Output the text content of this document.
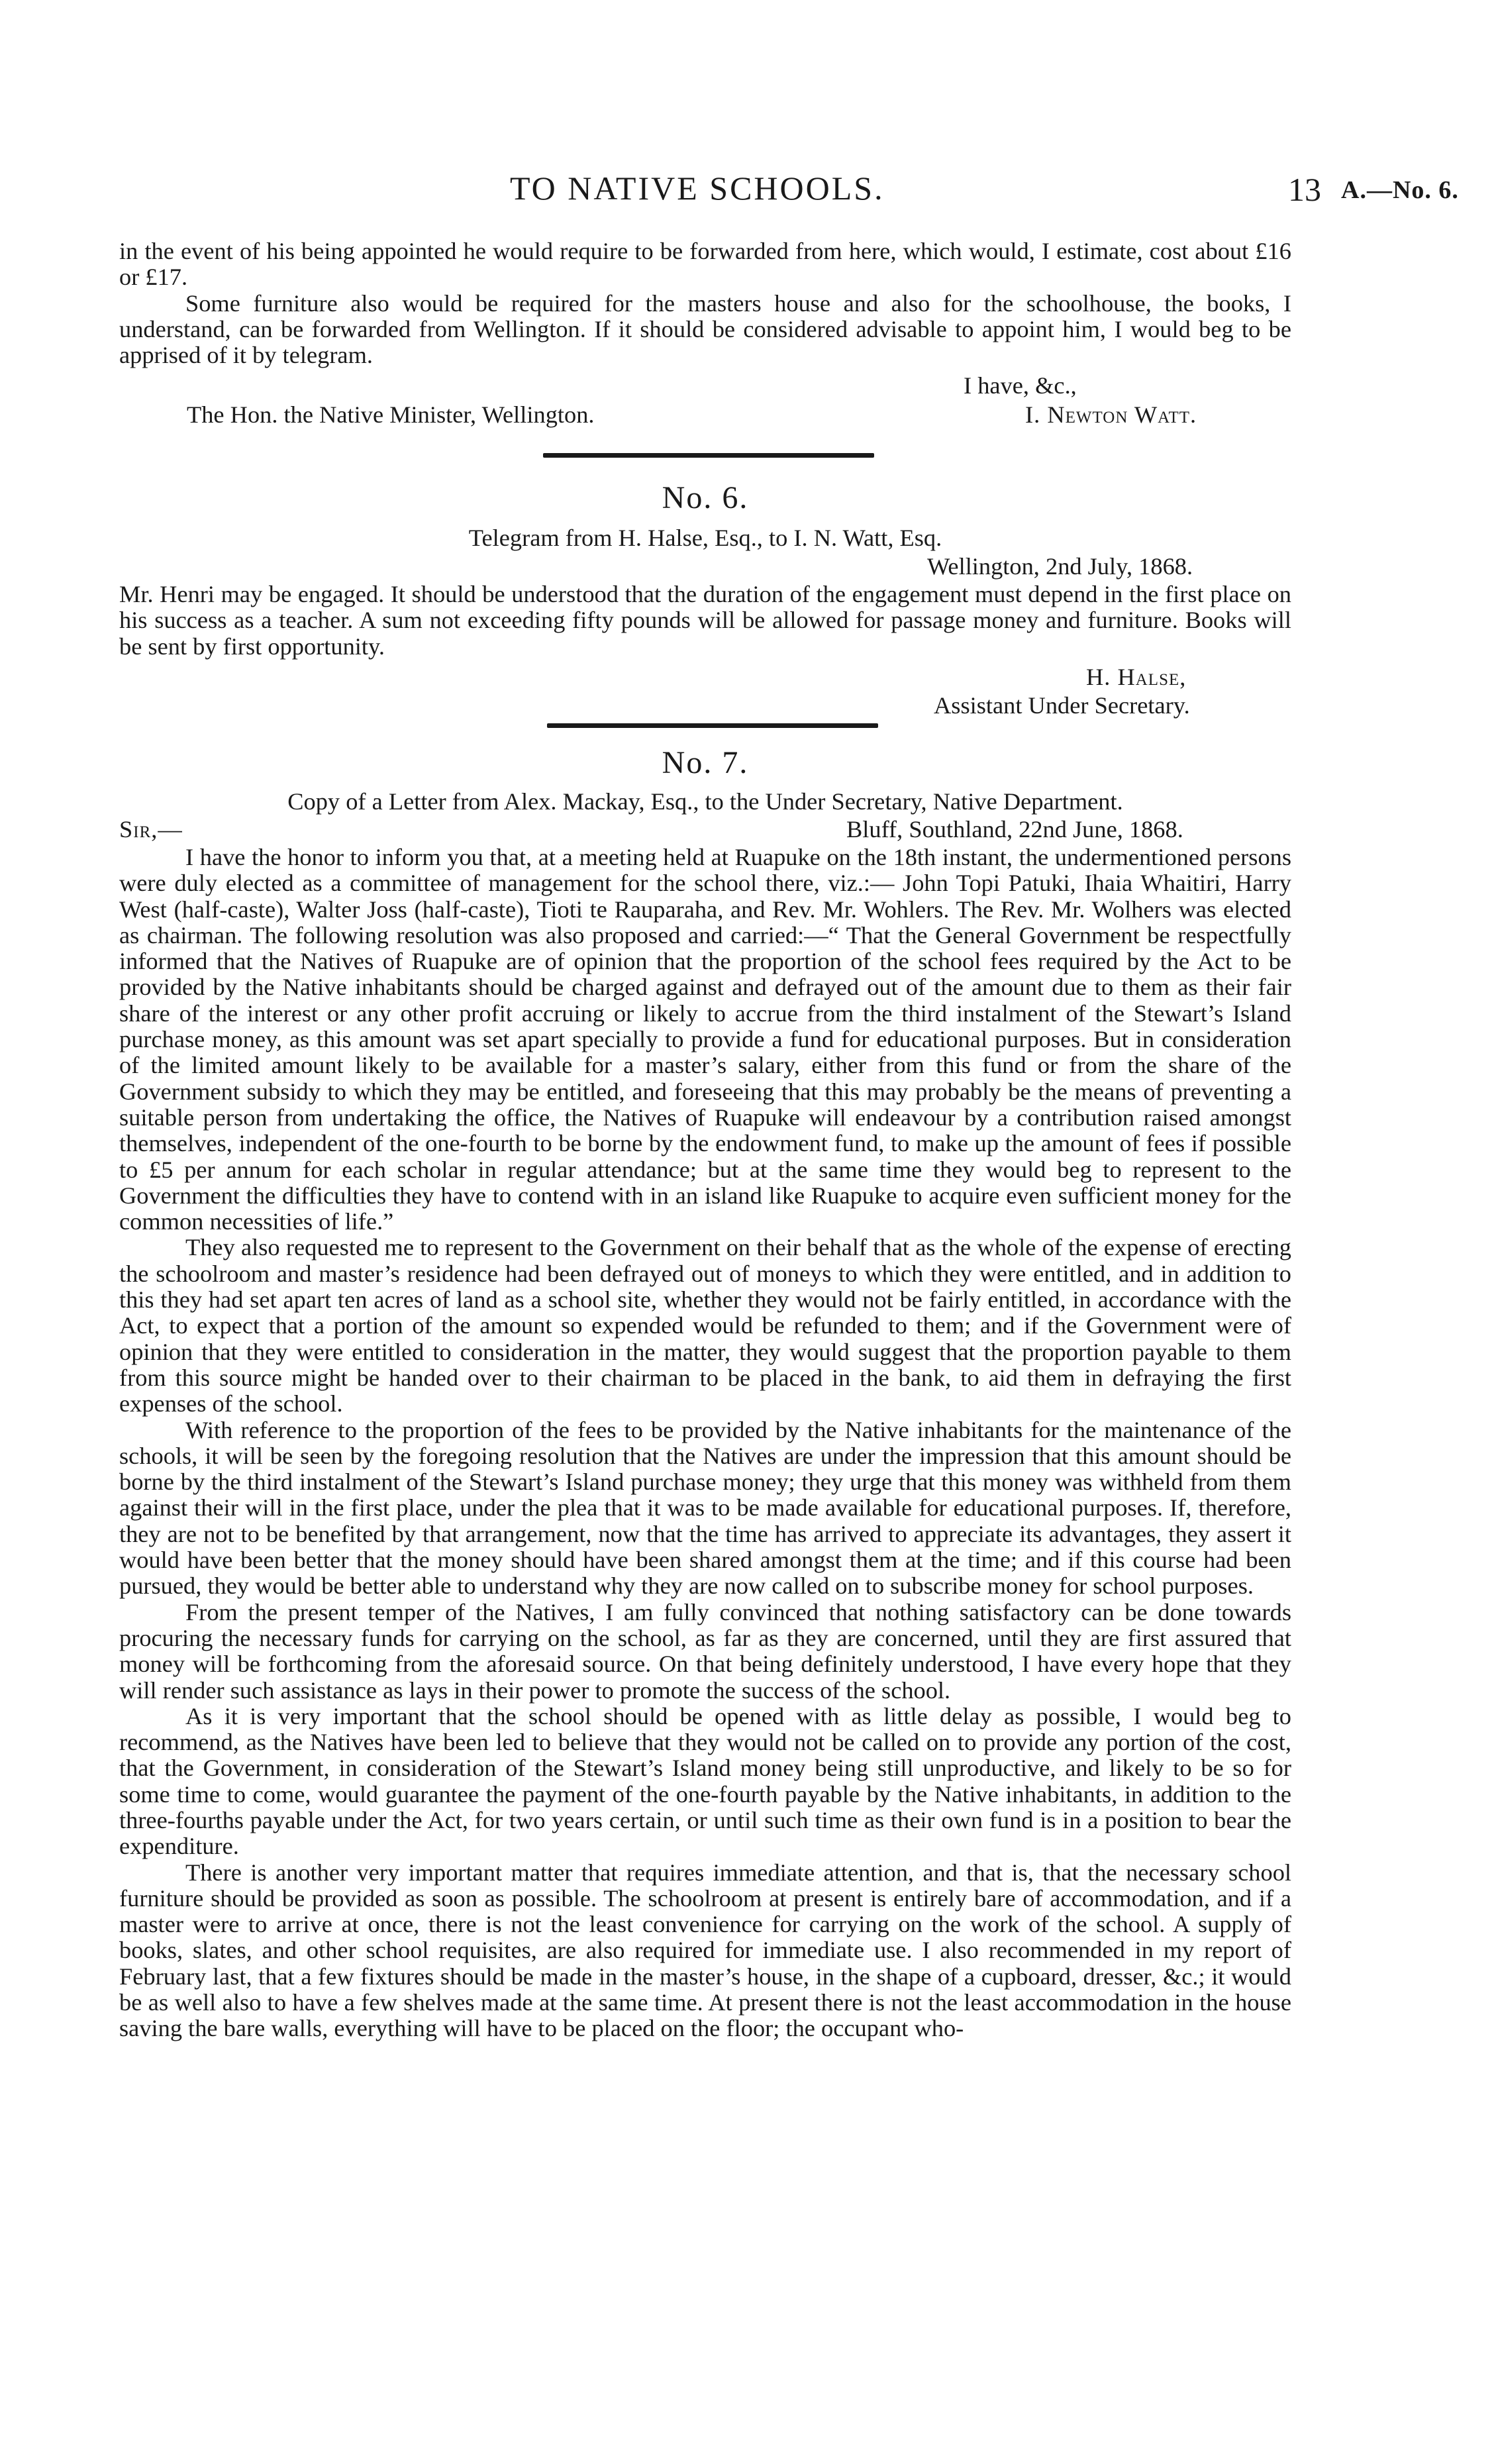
TO NATIVE SCHOOLS.	13 A.—No. 6.

in the event of his being appointed he would require to be forwarded from here, which would, I estimate, cost about £16 or £17.

Some furniture also would be required for the masters house and also for the schoolhouse, the books, I understand, can be forwarded from Wellington. If it should be considered advisable to appoint him, I would beg to be apprised of it by telegram.

I have, &c.,
The Hon. the Native Minister, Wellington.	I. Newton Watt.
No. 6.
Telegram from H. Halse, Esq., to I. N. Watt, Esq.
Wellington, 2nd July, 1868.

Mr. Henri may be engaged. It should be understood that the duration of the engagement must depend in the first place on his success as a teacher. A sum not exceeding fifty pounds will be allowed for passage money and furniture. Books will be sent by first opportunity.

H. Halse,
Assistant Under Secretary.
No. 7.
Copy of a Letter from Alex. Mackay, Esq., to the Under Secretary, Native Department.
Sir,—	Bluff, Southland, 22nd June, 1868.

I have the honor to inform you that, at a meeting held at Ruapuke on the 18th instant, the undermentioned persons were duly elected as a committee of management for the school there, viz.:— John Topi Patuki, Ihaia Whaitiri, Harry West (half-caste), Walter Joss (half-caste), Tioti te Rauparaha, and Rev. Mr. Wohlers. The Rev. Mr. Wolhers was elected as chairman. The following resolution was also proposed and carried:—“ That the General Government be respectfully informed that the Natives of Ruapuke are of opinion that the proportion of the school fees required by the Act to be provided by the Native inhabitants should be charged against and defrayed out of the amount due to them as their fair share of the interest or any other profit accruing or likely to accrue from the third instalment of the Stewart’s Island purchase money, as this amount was set apart specially to provide a fund for educational purposes. But in consideration of the limited amount likely to be available for a master’s salary, either from this fund or from the share of the Government subsidy to which they may be entitled, and foreseeing that this may probably be the means of preventing a suitable person from undertaking the office, the Natives of Ruapuke will endeavour by a contribution raised amongst themselves, independent of the one-fourth to be borne by the endowment fund, to make up the amount of fees if possible to £5 per annum for each scholar in regular attendance; but at the same time they would beg to represent to the Government the difficulties they have to contend with in an island like Ruapuke to acquire even sufficient money for the common necessities of life.”

They also requested me to represent to the Government on their behalf that as the whole of the expense of erecting the schoolroom and master’s residence had been defrayed out of moneys to which they were entitled, and in addition to this they had set apart ten acres of land as a school site, whether they would not be fairly entitled, in accordance with the Act, to expect that a portion of the amount so expended would be refunded to them; and if the Government were of opinion that they were entitled to consideration in the matter, they would suggest that the proportion payable to them from this source might be handed over to their chairman to be placed in the bank, to aid them in defraying the first expenses of the school.

With reference to the proportion of the fees to be provided by the Native inhabitants for the maintenance of the schools, it will be seen by the foregoing resolution that the Natives are under the impression that this amount should be borne by the third instalment of the Stewart’s Island purchase money; they urge that this money was withheld from them against their will in the first place, under the plea that it was to be made available for educational purposes. If, therefore, they are not to be benefited by that arrangement, now that the time has arrived to appreciate its advantages, they assert it would have been better that the money should have been shared amongst them at the time; and if this course had been pursued, they would be better able to understand why they are now called on to subscribe money for school purposes.

From the present temper of the Natives, I am fully convinced that nothing satisfactory can be done towards procuring the necessary funds for carrying on the school, as far as they are concerned, until they are first assured that money will be forthcoming from the aforesaid source. On that being definitely understood, I have every hope that they will render such assistance as lays in their power to promote the success of the school.

As it is very important that the school should be opened with as little delay as possible, I would beg to recommend, as the Natives have been led to believe that they would not be called on to provide any portion of the cost, that the Government, in consideration of the Stewart’s Island money being still unproductive, and likely to be so for some time to come, would guarantee the payment of the one-fourth payable by the Native inhabitants, in addition to the three-fourths payable under the Act, for two years certain, or until such time as their own fund is in a position to bear the expenditure.

There is another very important matter that requires immediate attention, and that is, that the necessary school furniture should be provided as soon as possible. The schoolroom at present is entirely bare of accommodation, and if a master were to arrive at once, there is not the least convenience for carrying on the work of the school. A supply of books, slates, and other school requisites, are also required for immediate use. I also recommended in my report of February last, that a few fixtures should be made in the master’s house, in the shape of a cupboard, dresser, &c.; it would be as well also to have a few shelves made at the same time. At present there is not the least accommodation in the house saving the bare walls, everything will have to be placed on the floor; the occupant who-
